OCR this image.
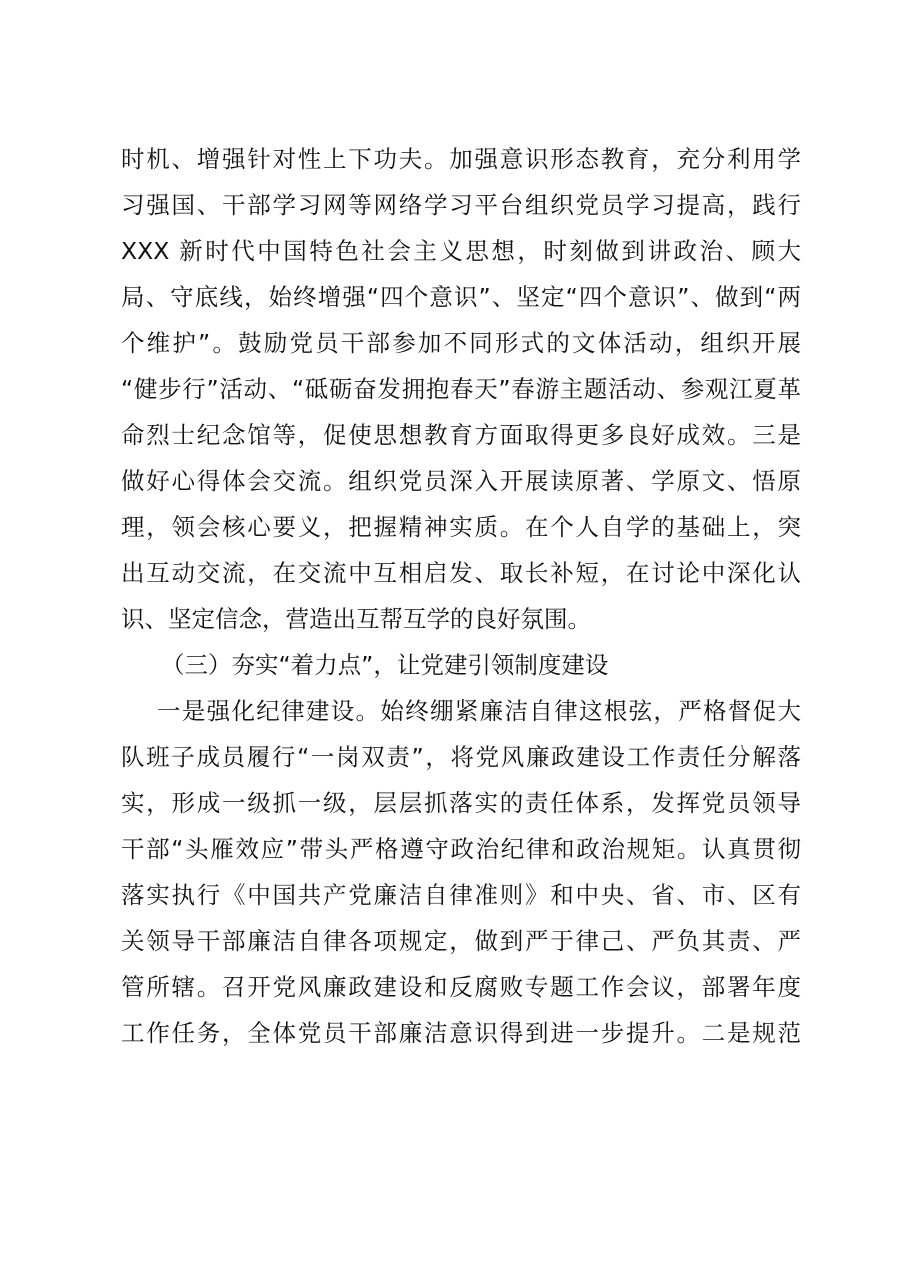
时机、增强针对性上下功夫。加强意识形态教育，充分利用学

习强国、干部学习网等网络学习平台组织党员学习提高，践行

XXX 新时代中国特色社会主义思想，时刻做到讲政治、顾大

局、守底线，始终增强“四个意识”、坚定“四个意识”、做到“两

个维护”。鼓励党员干部参加不同形式的文体活动，组织开展

“健步行”活动、“砥砺奋发拥抱春天”春游主题活动、参观江夏革

命烈士纪念馆等，促使思想教育方面取得更多良好成效。三是

做好心得体会交流。组织党员深入开展读原著、学原文、悟原

理，领会核心要义，把握精神实质。在个人自学的基础上，突

出互动交流，在交流中互相启发、取长补短，在讨论中深化认

识、坚定信念，营造出互帮互学的良好氛围。

（三）夯实“着力点”，让党建引领制度建设

一是强化纪律建设。始终绷紧廉洁自律这根弦，严格督促大

队班子成员履行“一岗双责”，将党风廉政建设工作责任分解落

实，形成一级抓一级，层层抓落实的责任体系，发挥党员领导

干部“头雁效应”带头严格遵守政治纪律和政治规矩。认真贯彻

落实执行《中国共产党廉洁自律准则》和中央、省、市、区有

关领导干部廉洁自律各项规定，做到严于律己、严负其责、严

管所辖。召开党风廉政建设和反腐败专题工作会议，部署年度

工作任务，全体党员干部廉洁意识得到进一步提升。二是规范
